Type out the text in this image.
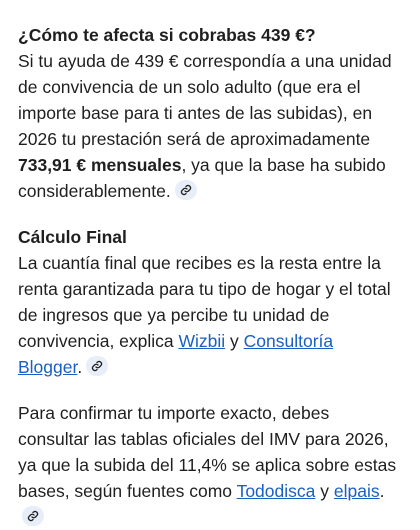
¿Cómo te afecta si cobrabas 439 €?

Si tu ayuda de 439 € correspondía a una unidad de convivencia de un solo adulto (que era el importe base para ti antes de las subidas), en 2026 tu prestación será de aproximadamente 733,91 € mensuales, ya que la base ha subido considerablemente.

Cálculo Final

La cuantía final que recibes es la resta entre la renta garantizada para tu tipo de hogar y el total de ingresos que ya percibe tu unidad de convivencia, explica Wizbii y Consultoría Blogger.

Para confirmar tu importe exacto, debes consultar las tablas oficiales del IMV para 2026, ya que la subida del 11,4% se aplica sobre estas bases, según fuentes como Tododisca y elpais.
